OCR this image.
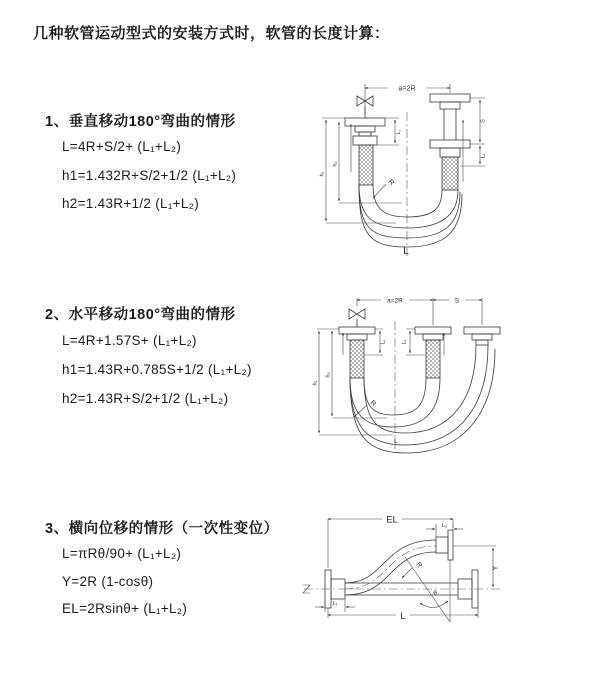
几种软管运动型式的安装方式时，软管的长度计算：
1、垂直移动180°弯曲的情形
L=4R+S/2+ (L₁+L₂)
h1=1.432R+S/2+1/2 (L₁+L₂)
h2=1.43R+1/2 (L₁+L₂)
2、水平移动180°弯曲的情形
L=4R+1.57S+ (L₁+L₂)
h1=1.43R+0.785S+1/2 (L₁+L₂)
h2=1.43R+S/2+1/2 (L₁+L₂)
3、横向位移的情形（一次性变位）
L=πRθ/90+ (L₁+L₂)
Y=2R (1-cosθ)
EL=2Rsinθ+ (L₁+L₂)
a=2R
R
h₁
h₂
L₁
S
L₂
L
a=2R	S
R
h₁
h₂
L₁	L₂
L
θ
R
EL
L₂
Y
L
L₁
